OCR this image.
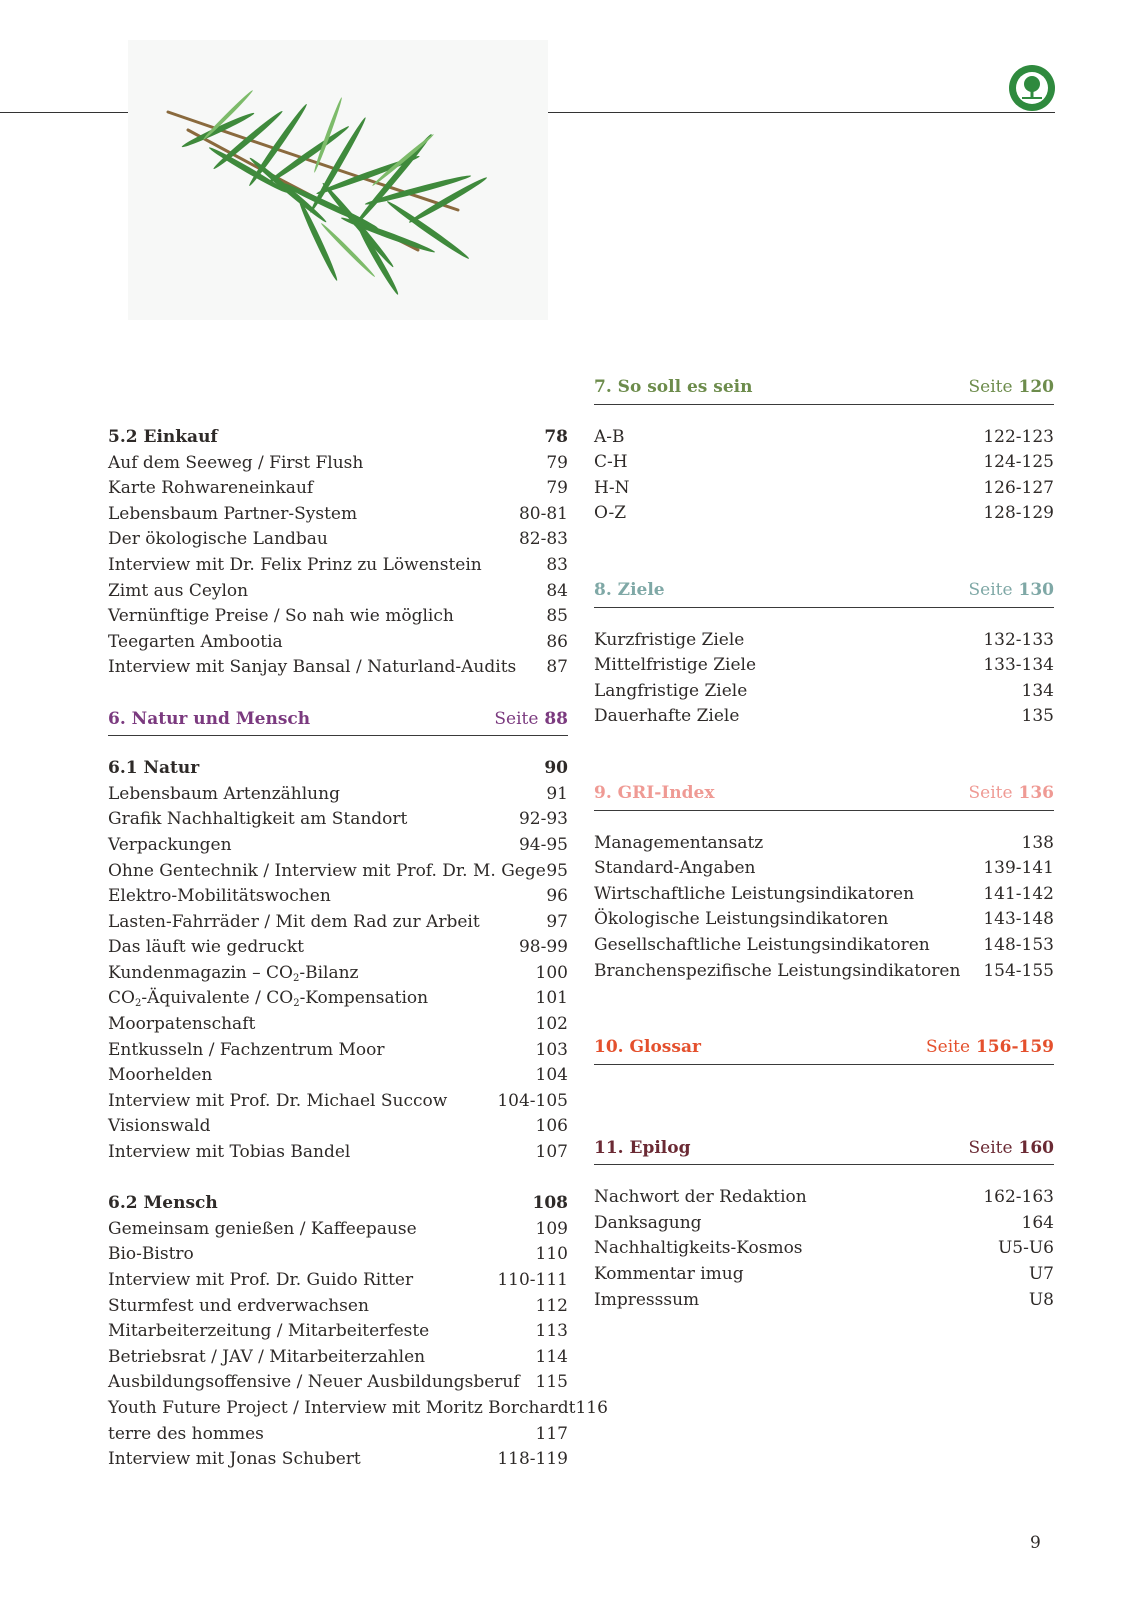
5.2 Einkauf	78
Auf dem Seeweg / First Flush	79
Karte Rohwareneinkauf	79
Lebensbaum Partner-System	80-81
Der ökologische Landbau	82-83
Interview mit Dr. Felix Prinz zu Löwenstein	83
Zimt aus Ceylon	84
Vernünftige Preise / So nah wie möglich	85
Teegarten Ambootia	86
Interview mit Sanjay Bansal / Naturland-Audits 87
6. Natur und Mensch	Seite 88
6.1 Natur	90
Lebensbaum Artenzählung	91
Grafik Nachhaltigkeit am Standort	92-93
Verpackungen	94-95
Ohne Gentechnik / Interview mit Prof. Dr. M. Gege 95
Elektro-Mobilitätswochen	96
Lasten-Fahrräder / Mit dem Rad zur Arbeit	97
Das läuft wie gedruckt	98-99
Kundenmagazin – $CO_2$-Bilanz	100
$CO_2$-Äquivalente / $CO_2$-Kompensation	101
Moorpatenschaft	102
Entkusseln / Fachzentrum Moor	103
Moorhelden	104
Interview mit Prof. Dr. Michael Succow	104-105
Visionswald	106
Interview mit Tobias Bandel	107
6.2 Mensch	108
Gemeinsam genießen / Kaffeepause	109
Bio-Bistro	110
Interview mit Prof. Dr. Guido Ritter	110-111
Sturmfest und erdverwachsen	112
Mitarbeiterzeitung / Mitarbeiterfeste	113
Betriebsrat / JAV / Mitarbeiterzahlen	114
Ausbildungsoffensive / Neuer Ausbildungsberuf 115
Youth Future Project / Interview mit Moritz Borchardt 116
terre des hommes	117
Interview mit Jonas Schubert	118-119
7. So soll es sein	Seite 120
A-B	122-123
C-H	124-125
H-N	126-127
O-Z	128-129
8. Ziele	Seite 130
Kurzfristige Ziele	132-133
Mittelfristige Ziele	133-134
Langfristige Ziele	134
Dauerhafte Ziele	135
9. GRI-Index	Seite 136
Managementansatz	138
Standard-Angaben	139-141
Wirtschaftliche Leistungsindikatoren	141-142
Ökologische Leistungsindikatoren	143-148
Gesellschaftliche Leistungsindikatoren	148-153
Branchenspezifische Leistungsindikatoren 154-155
10. Glossar	Seite 156-159
11. Epilog	Seite 160
Nachwort der Redaktion	162-163
Danksagung	164
Nachhaltigkeits-Kosmos	U5-U6
Kommentar imug	U7
Impresssum	U8
9
